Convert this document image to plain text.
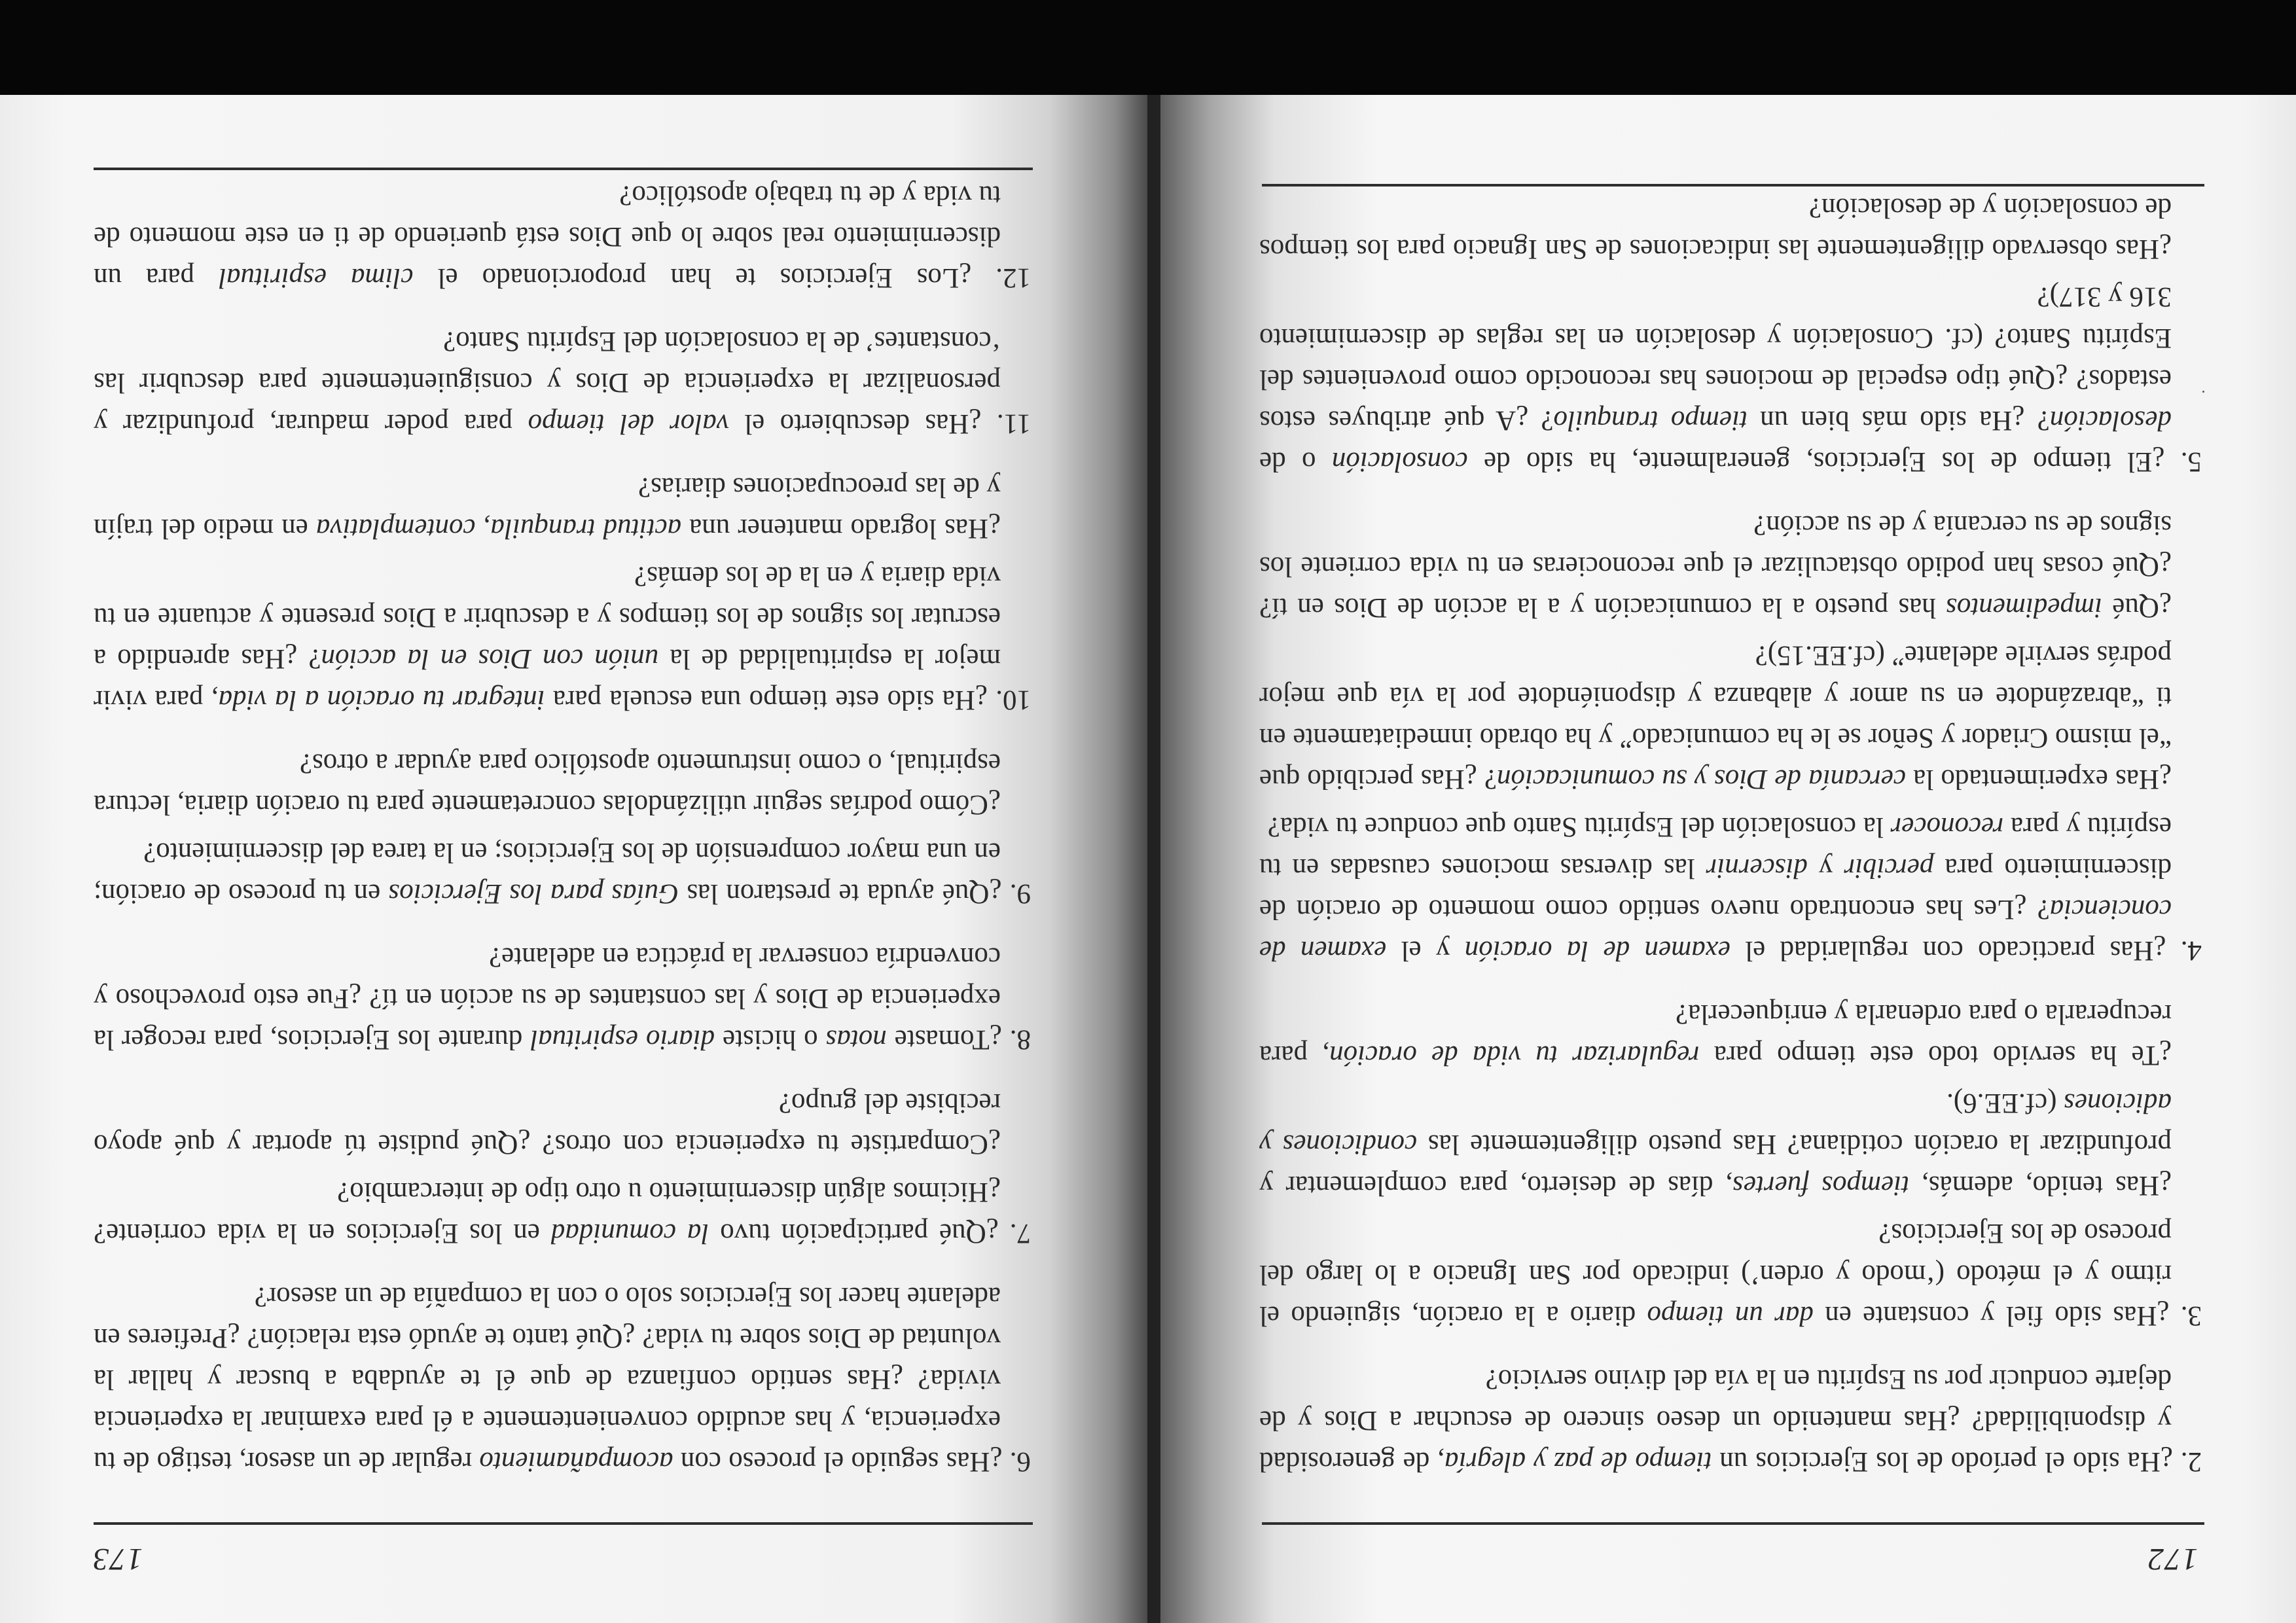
172

2. ¿Ha sido el período de los Ejercicios un tiempo de paz y alegría, de generosidad y disponibilidad? ¿Has mantenido un deseo sincero de escuchar a Dios y de dejarte conducir por su Espíritu en la vía del divino servicio?

3. ¿Has sido fiel y constante en dar un tiempo diario a la oración, siguiendo el ritmo y el método (‘modo y orden’) indicado por San Ignacio a lo largo del proceso de los Ejercicios?

¿Has tenido, además, tiempos fuertes, días de desierto, para complementar y profundizar la oración cotidiana? Has puesto diligentemente las condiciones y adiciones (cf.EE.6).

¿Te ha servido todo este tiempo para regularizar tu vida de oración, para recuperarla o para ordenarla y enriquecerla?

4. ¿Has practicado con regularidad el examen de la oración y el examen de conciencia? ¿Les has encontrado nuevo sentido como momento de oración de discernimiento para percibir y discernir las diversas mociones causadas en tu espíritu y para reconocer la consolación del Espíritu Santo que conduce tu vida?

¿Has experimentado la cercanía de Dios y su comunicación? ¿Has percibido que “el mismo Criador y Señor se le ha comunicado” y ha obrado inmediatamente en ti “abrazándote en su amor y alabanza y disponiéndote por la vía que mejor podrás servirle adelante” (cf.EE.15)?

¿Qué impedimentos has puesto a la comunicación y a la acción de Dios en tí? ¿Qué cosas han podido obstaculizar el que reconocieras en tu vida corriente los signos de su cercanía y de su acción?

5. ¿El tiempo de los Ejercicios, generalmente, ha sido de consolación o de desolación? ¿Ha sido más bien un tiempo tranquilo? ¿A qué atribuyes estos estados? ¿Qué tipo especial de mociones has reconocido como provenientes del Espíritu Santo? (cf. Consolación y desolación en las reglas de discernimiento 316 y 317)?

¿Has observado diligentemente las indicaciones de San Ignacio para los tiempos de consolación y de desolación?

173

6. ¿Has seguido el proceso con acompañamiento regular de un asesor, testigo de tu experiencia, y has acudido convenientemente a él para examinar la experiencia vivida? ¿Has sentido confianza de que él te ayudaba a buscar y hallar la voluntad de Dios sobre tu vida? ¿Qué tanto te ayudó esta relación? ¿Prefieres en adelante hacer los Ejercicios solo o con la compañía de un asesor?

7. ¿Qué participación tuvo la comunidad en los Ejercicios en la vida corriente? ¿Hicimos algún discernimiento u otro tipo de intercambio?

¿Compartiste tu experiencia con otros? ¿Qué pudiste tú aportar y qué apoyo recibiste del grupo?

8. ¿Tomaste notas o hiciste diario espiritual durante los Ejercicios, para recoger la experiencia de Dios y las constantes de su acción en tí? ¿Fue esto provechoso y convendría conservar la práctica en adelante?

9. ¿Qué ayuda te prestaron las Guías para los Ejercicios en tu proceso de oración; en una mayor comprensión de los Ejercicios; en la tarea del discernimiento?

¿Cómo podrías seguir utilizándolas concretamente para tu oración diaria, lectura espiritual, o como instrumento apostólico para ayudar a otros?

10. ¿Ha sido este tiempo una escuela para integrar tu oración a la vida, para vivir mejor la espiritualidad de la unión con Dios en la acción? ¿Has aprendido a escrutar los signos de los tiempos y a descubrir a Dios presente y actuante en tu vida diaria y en la de los demás?

¿Has logrado mantener una actitud tranquila, contemplativa en medio del trajín y de las preocupaciones diarias?

11. ¿Has descubierto el valor del tiempo para poder madurar, profundizar y personalizar la experiencia de Dios y consiguientemente para descubrir las ‘constantes’ de la consolación del Espíritu Santo?

12. ¿Los Ejercicios te han proporcionado el clima espiritual para un discernimiento real sobre lo que Dios está queriendo de ti en este momento de tu vida y de tu trabajo apostólico?
